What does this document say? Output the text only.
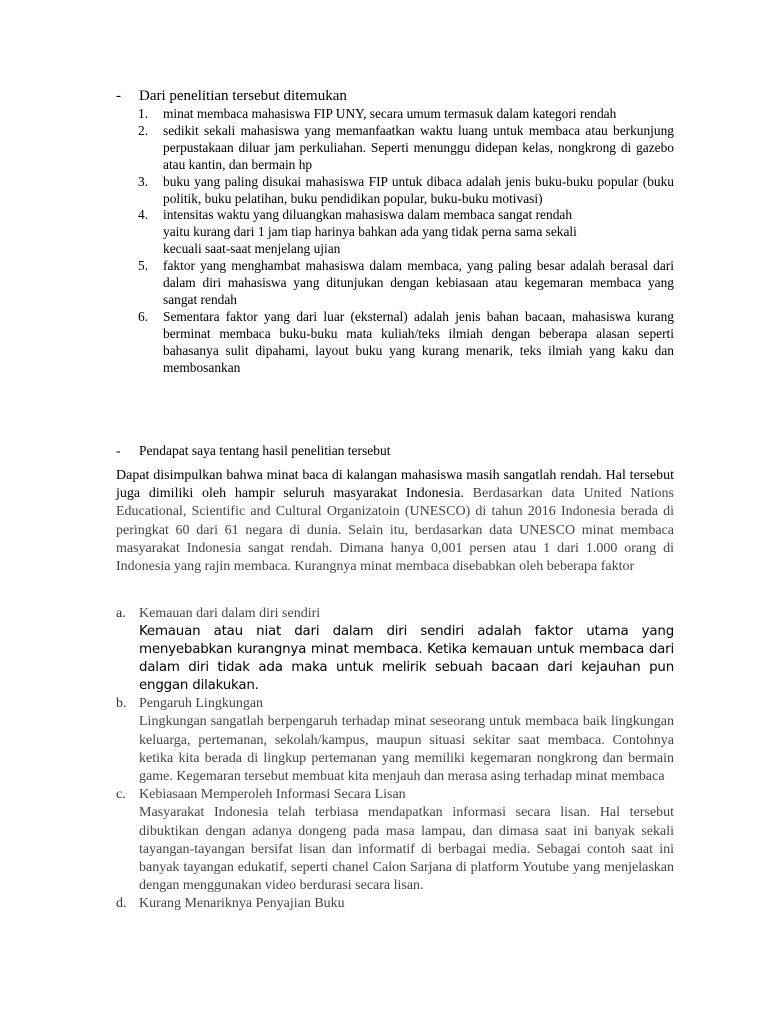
- Dari penelitian tersebut ditemukan
1. minat membaca mahasiswa FIP UNY, secara umum termasuk dalam kategori rendah
2. sedikit sekali mahasiswa yang memanfaatkan waktu luang untuk membaca atau berkunjung perpustakaan diluar jam perkuliahan. Seperti menunggu didepan kelas, nongkrong di gazebo atau kantin, dan bermain hp
3. buku yang paling disukai mahasiswa FIP untuk dibaca adalah jenis buku-buku popular (buku politik, buku pelatihan, buku pendidikan popular, buku-buku motivasi)
4. intensitas waktu yang diluangkan mahasiswa dalam membaca sangat rendah
yaitu kurang dari 1 jam tiap harinya bahkan ada yang tidak perna sama sekali
kecuali saat-saat menjelang ujian
5. faktor yang menghambat mahasiswa dalam membaca, yang paling besar adalah berasal dari dalam diri mahasiswa yang ditunjukan dengan kebiasaan atau kegemaran membaca yang sangat rendah
6. Sementara faktor yang dari luar (eksternal) adalah jenis bahan bacaan, mahasiswa kurang berminat membaca buku-buku mata kuliah/teks ilmiah dengan beberapa alasan seperti bahasanya sulit dipahami, layout buku yang kurang menarik, teks ilmiah yang kaku dan membosankan
- Pendapat saya tentang hasil penelitian tersebut
Dapat disimpulkan bahwa minat baca di kalangan mahasiswa masih sangatlah rendah. Hal tersebut juga dimiliki oleh hampir seluruh masyarakat Indonesia. Berdasarkan data United Nations Educational, Scientific and Cultural Organizatoin (UNESCO) di tahun 2016 Indonesia berada di peringkat 60 dari 61 negara di dunia. Selain itu, berdasarkan data UNESCO minat membaca masyarakat Indonesia sangat rendah. Dimana hanya 0,001 persen atau 1 dari 1.000 orang di Indonesia yang rajin membaca. Kurangnya minat membaca disebabkan oleh beberapa faktor
a. Kemauan dari dalam diri sendiri
Kemauan atau niat dari dalam diri sendiri adalah faktor utama yang menyebabkan kurangnya minat membaca. Ketika kemauan untuk membaca dari dalam diri tidak ada maka untuk melirik sebuah bacaan dari kejauhan pun enggan dilakukan.
b. Pengaruh Lingkungan
Lingkungan sangatlah berpengaruh terhadap minat seseorang untuk membaca baik lingkungan keluarga, pertemanan, sekolah/kampus, maupun situasi sekitar saat membaca. Contohnya ketika kita berada di lingkup pertemanan yang memiliki kegemaran nongkrong dan bermain game. Kegemaran tersebut membuat kita menjauh dan merasa asing terhadap minat membaca
c. Kebiasaan Memperoleh Informasi Secara Lisan
Masyarakat Indonesia telah terbiasa mendapatkan informasi secara lisan. Hal tersebut dibuktikan dengan adanya dongeng pada masa lampau, dan dimasa saat ini banyak sekali tayangan-tayangan bersifat lisan dan informatif di berbagai media. Sebagai contoh saat ini banyak tayangan edukatif, seperti chanel Calon Sarjana di platform Youtube yang menjelaskan dengan menggunakan video berdurasi secara lisan.
d. Kurang Menariknya Penyajian Buku
